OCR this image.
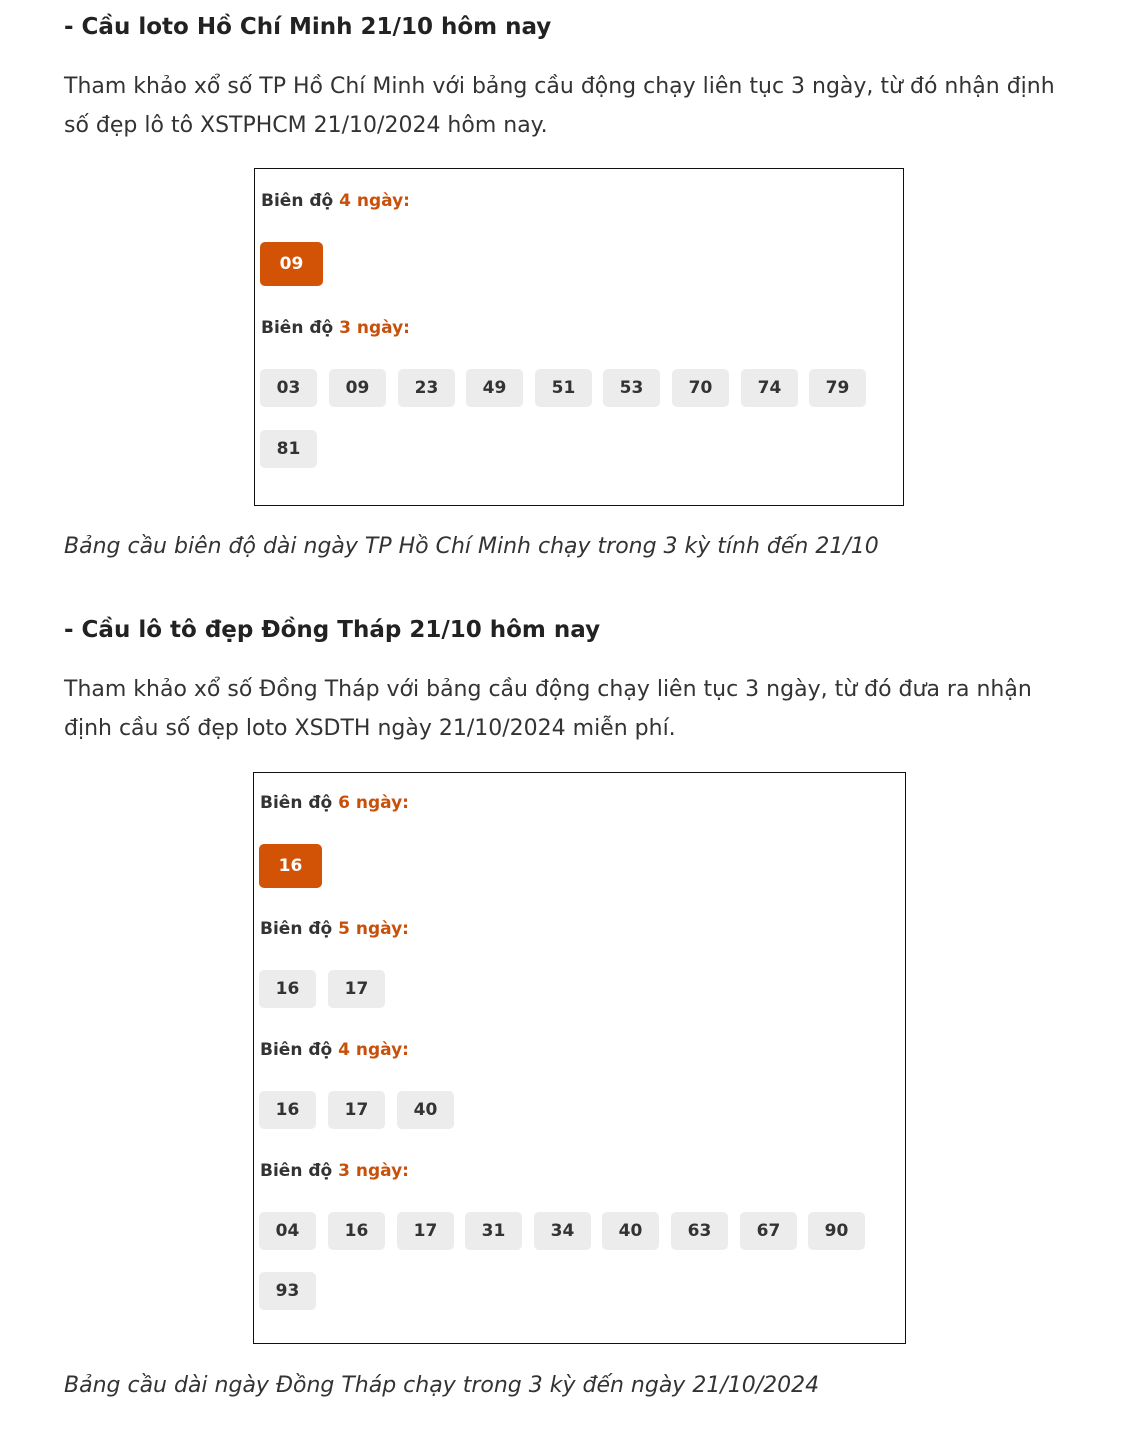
- Cầu loto Hồ Chí Minh 21/10 hôm nay

Tham khảo xổ số TP Hồ Chí Minh với bảng cầu động chạy liên tục 3 ngày, từ đó nhận định số đẹp lô tô XSTPHCM 21/10/2024 hôm nay.

Biên độ 4 ngày:
09
Biên độ 3 ngày:
03	09	23	49	51	53	70	74	79
81

Bảng cầu biên độ dài ngày TP Hồ Chí Minh chạy trong 3 kỳ tính đến 21/10

- Cầu lô tô đẹp Đồng Tháp 21/10 hôm nay

Tham khảo xổ số Đồng Tháp với bảng cầu động chạy liên tục 3 ngày, từ đó đưa ra nhận định cầu số đẹp loto XSDTH ngày 21/10/2024 miễn phí.

Biên độ 6 ngày:
16
Biên độ 5 ngày:
16	17
Biên độ 4 ngày:
16	17	40
Biên độ 3 ngày:
04	16	17	31	34	40	63	67	90
93

Bảng cầu dài ngày Đồng Tháp chạy trong 3 kỳ đến ngày 21/10/2024
